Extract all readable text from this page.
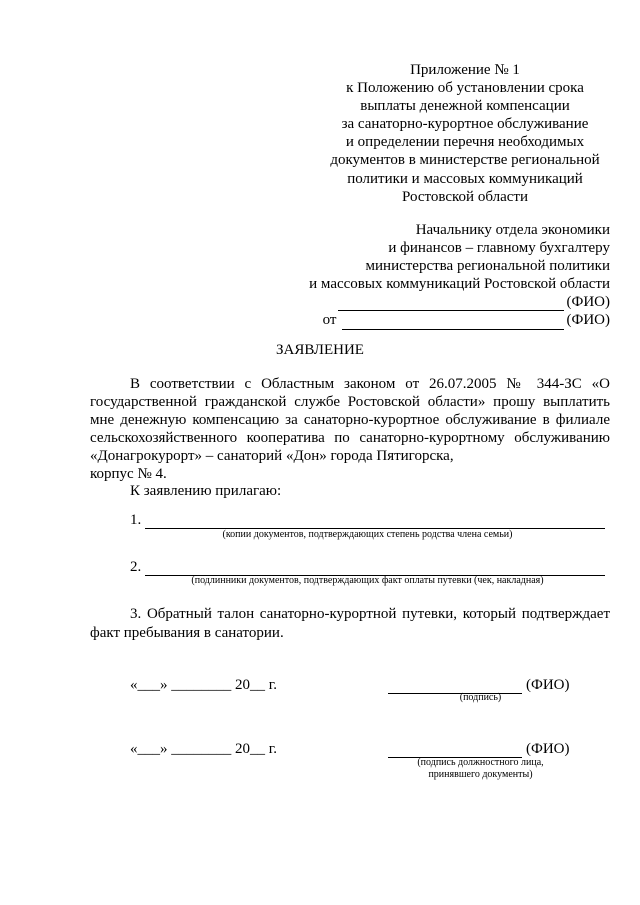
Приложение № 1
к Положению об установлении срока
выплаты денежной компенсации
за санаторно-курортное обслуживание
и определении перечня необходимых
документов в министерстве региональной
политики и массовых коммуникаций
Ростовской области
Начальнику отдела экономики
и финансов – главному бухгалтеру
министерства региональной политики
и массовых коммуникаций Ростовской области
(ФИО)
от	(ФИО)
ЗАЯВЛЕНИЕ

В соответствии с Областным законом от 26.07.2005 № 344-ЗС «О государственной гражданской службе Ростовской области» прошу выплатить мне денежную компенсацию за санаторно-курортное обслуживание в филиале сельскохозяйственного кооператива по санаторно-курортному обслуживанию «Донагрокурорт» – санаторий «Дон» города Пятигорска,

корпус № 4.
К заявлению прилагаю:
1.
(копии документов, подтверждающих степень родства члена семьи)
2.
(подлинники документов, подтверждающих факт оплаты путевки (чек, накладная)

3. Обратный талон санаторно-курортной путевки, который подтверждает факт пребывания в санатории.

«___» ________ 20__ г.	(ФИО)
(подпись)
«___» ________ 20__ г.	(ФИО)
(подпись должностного лица,
принявшего документы)
